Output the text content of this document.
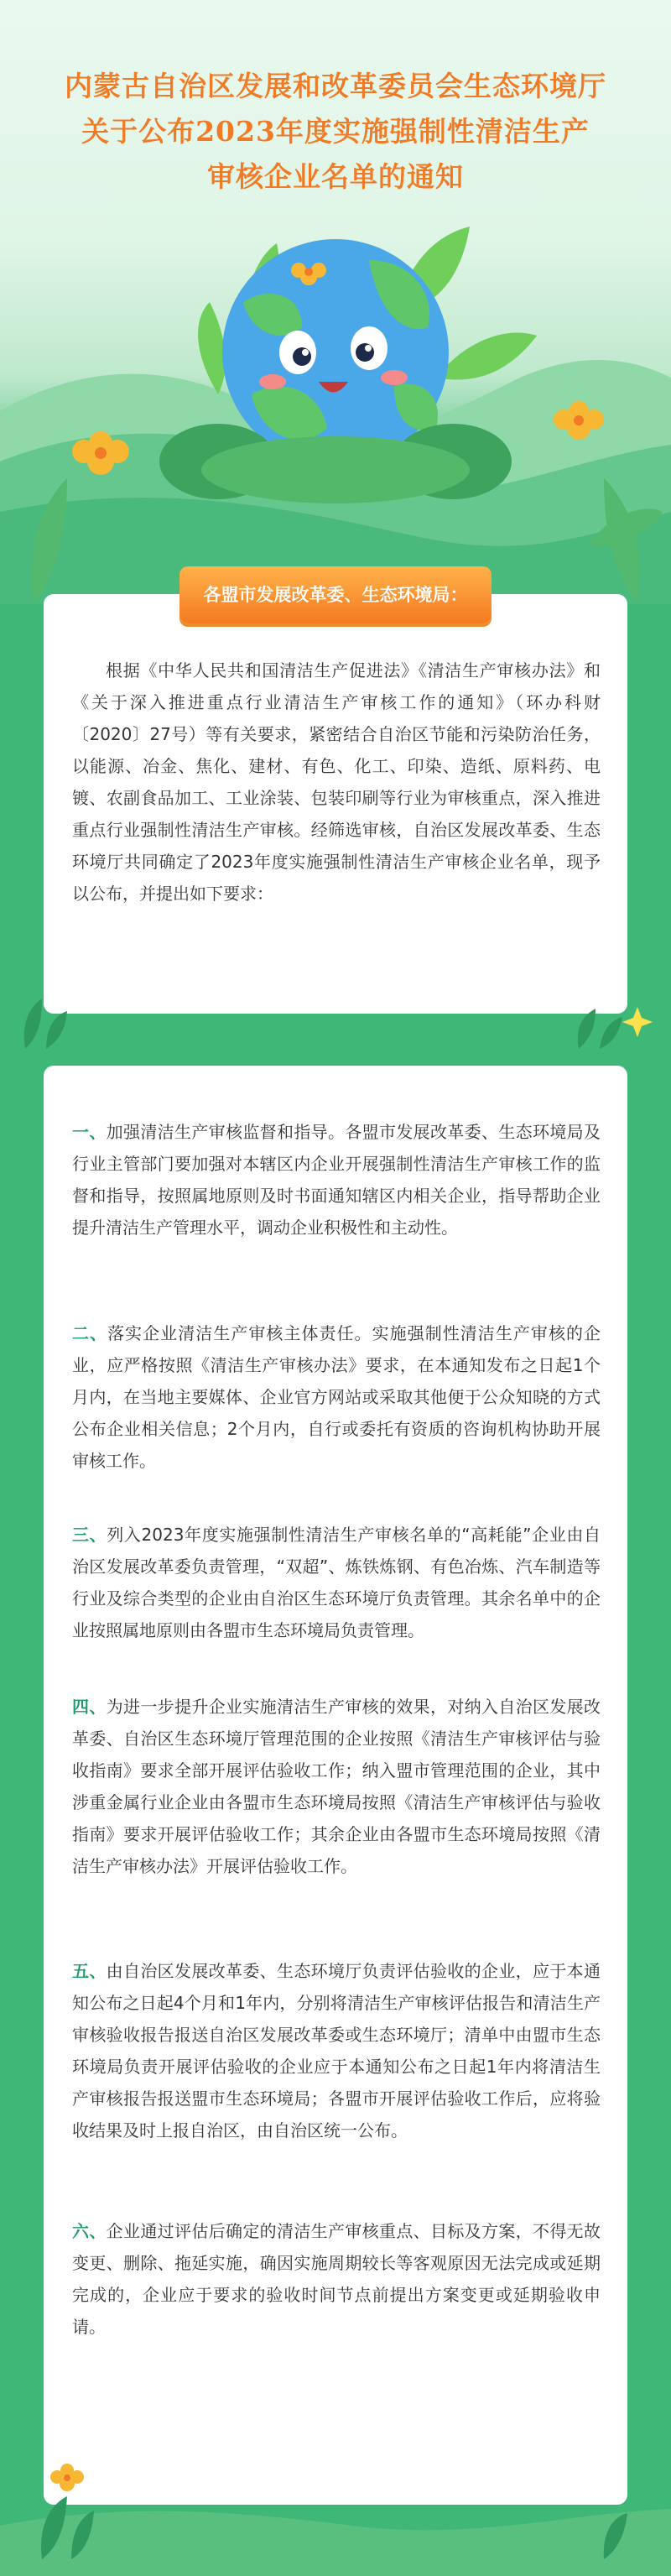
内蒙古自治区发展和改革委员会生态环境厅
关于公布2023年度实施强制性清洁生产
审核企业名单的通知
各盟市发展改革委、生态环境局：
根据《中华人民共和国清洁生产促进法》《清洁生产审核办法》和《关于深入推进重点行业清洁生产审核工作的通知》（环办科财〔2020〕27号）等有关要求，紧密结合自治区节能和污染防治任务，以能源、冶金、焦化、建材、有色、化工、印染、造纸、原料药、电镀、农副食品加工、工业涂装、包装印刷等行业为审核重点，深入推进重点行业强制性清洁生产审核。经筛选审核，自治区发展改革委、生态环境厅共同确定了2023年度实施强制性清洁生产审核企业名单，现予以公布，并提出如下要求：
一、加强清洁生产审核监督和指导。各盟市发展改革委、生态环境局及行业主管部门要加强对本辖区内企业开展强制性清洁生产审核工作的监督和指导，按照属地原则及时书面通知辖区内相关企业，指导帮助企业提升清洁生产管理水平，调动企业积极性和主动性。
二、落实企业清洁生产审核主体责任。实施强制性清洁生产审核的企业，应严格按照《清洁生产审核办法》要求，在本通知发布之日起1个月内，在当地主要媒体、企业官方网站或采取其他便于公众知晓的方式公布企业相关信息；2个月内，自行或委托有资质的咨询机构协助开展审核工作。
三、列入2023年度实施强制性清洁生产审核名单的“高耗能”企业由自治区发展改革委负责管理，“双超”、炼铁炼钢、有色冶炼、汽车制造等行业及综合类型的企业由自治区生态环境厅负责管理。其余名单中的企业按照属地原则由各盟市生态环境局负责管理。
四、为进一步提升企业实施清洁生产审核的效果，对纳入自治区发展改革委、自治区生态环境厅管理范围的企业按照《清洁生产审核评估与验收指南》要求全部开展评估验收工作；纳入盟市管理范围的企业，其中涉重金属行业企业由各盟市生态环境局按照《清洁生产审核评估与验收指南》要求开展评估验收工作；其余企业由各盟市生态环境局按照《清洁生产审核办法》开展评估验收工作。
五、由自治区发展改革委、生态环境厅负责评估验收的企业，应于本通知公布之日起4个月和1年内，分别将清洁生产审核评估报告和清洁生产审核验收报告报送自治区发展改革委或生态环境厅；清单中由盟市生态环境局负责开展评估验收的企业应于本通知公布之日起1年内将清洁生产审核报告报送盟市生态环境局；各盟市开展评估验收工作后，应将验收结果及时上报自治区，由自治区统一公布。
六、企业通过评估后确定的清洁生产审核重点、目标及方案，不得无故变更、删除、拖延实施，确因实施周期较长等客观原因无法完成或延期完成的，企业应于要求的验收时间节点前提出方案变更或延期验收申请。
